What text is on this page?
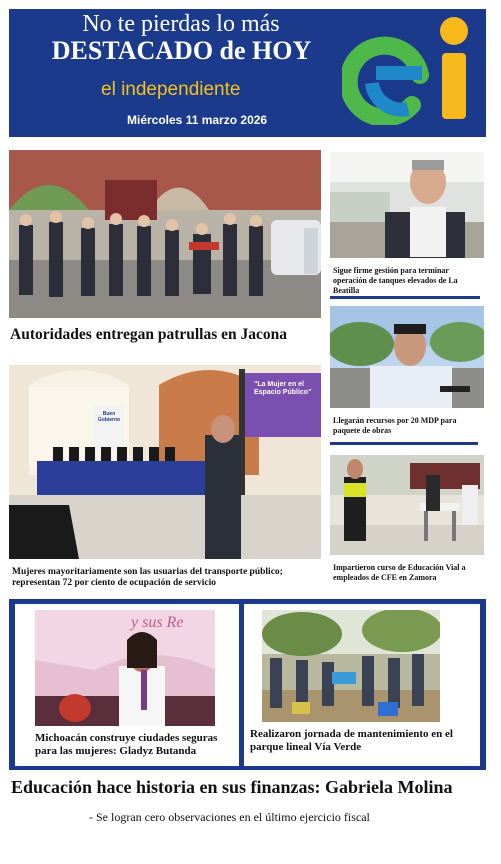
No te pierdas lo más
DESTACADO de HOY
el independiente
Miércoles 11 marzo 2026
Autoridades entregan patrullas en Jacona
Sigue firme gestión para terminar operación de tanques elevados de La Beatilla
Llegarán recursos por 20 MDP para paquete de obras
"La Mujer en el
Espacio Público"
Buen Gobierno
Mujeres mayoritariamente son las usuarias del transporte público; representan 72 por ciento de ocupación de servicio
Impartieron curso de Educación Vial a empleados de CFE en Zamora
y sus Re
Michoacán construye ciudades seguras para las mujeres: Gladyz Butanda
Realizaron jornada de mantenimiento en el parque lineal Vía Verde
Educación hace historia en sus finanzas: Gabriela Molina
- Se logran cero observaciones en el último ejercicio fiscal
